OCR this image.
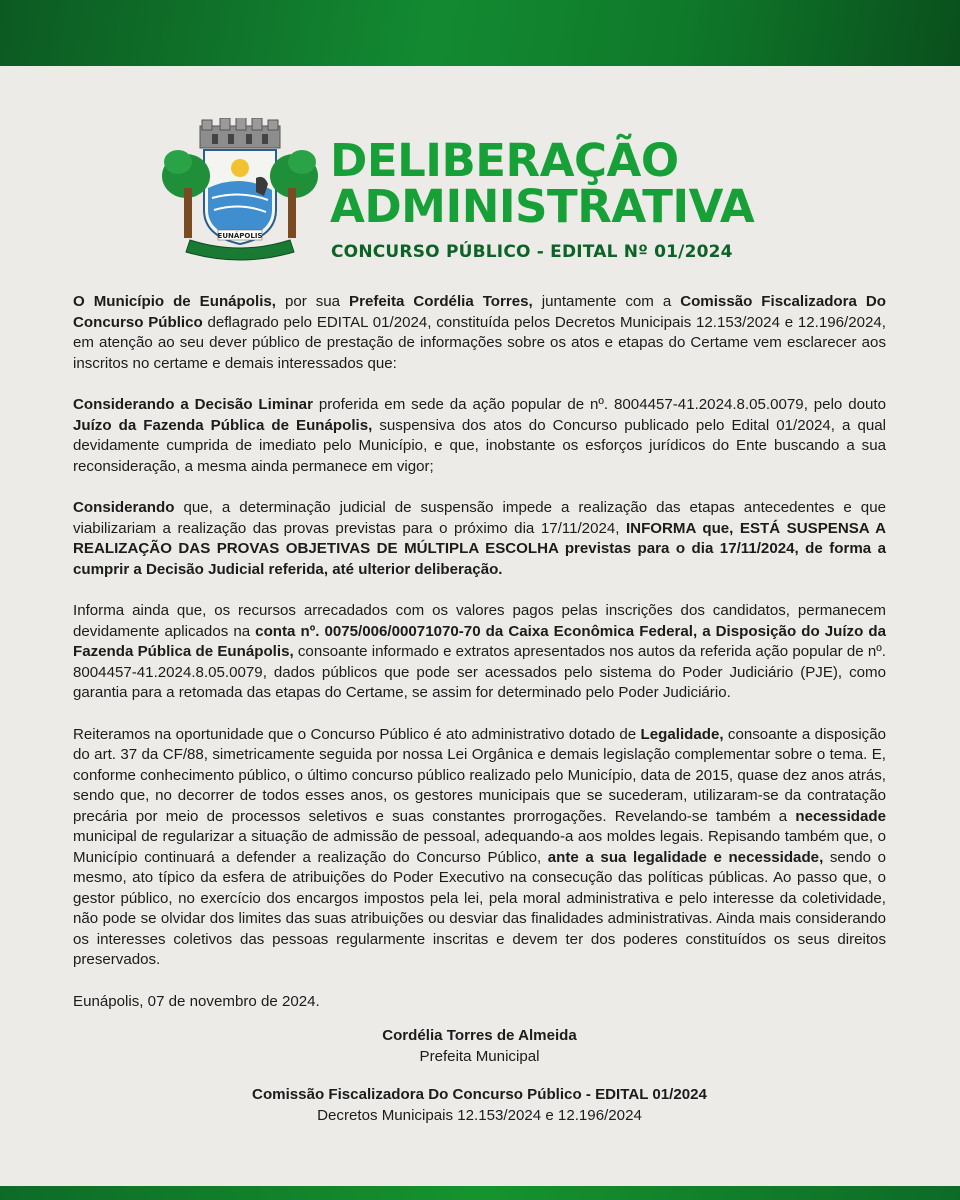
EUNÁPOLIS
DELIBERAÇÃO
ADMINISTRATIVA
CONCURSO PÚBLICO - EDITAL Nº 01/2024

O Município de Eunápolis, por sua Prefeita Cordélia Torres, juntamente com a Comissão Fiscalizadora Do Concurso Público deflagrado pelo EDITAL 01/2024, constituída pelos Decretos Municipais 12.153/2024 e 12.196/2024, em atenção ao seu dever público de prestação de informações sobre os atos e etapas do Certame vem esclarecer aos inscritos no certame e demais interessados que:

Considerando a Decisão Liminar proferida em sede da ação popular de nº. 8004457-41.2024.8.05.0079, pelo douto Juízo da Fazenda Pública de Eunápolis, suspensiva dos atos do Concurso publicado pelo Edital 01/2024, a qual devidamente cumprida de imediato pelo Município, e que, inobstante os esforços jurídicos do Ente buscando a sua reconsideração, a mesma ainda permanece em vigor;

Considerando que, a determinação judicial de suspensão impede a realização das etapas antecedentes e que viabilizariam a realização das provas previstas para o próximo dia 17/11/2024, INFORMA que, ESTÁ SUSPENSA A REALIZAÇÃO DAS PROVAS OBJETIVAS DE MÚLTIPLA ESCOLHA previstas para o dia 17/11/2024, de forma a cumprir a Decisão Judicial referida, até ulterior deliberação.

Informa ainda que, os recursos arrecadados com os valores pagos pelas inscrições dos candidatos, permanecem devidamente aplicados na conta nº. 0075/006/00071070-70 da Caixa Econômica Federal, a Disposição do Juízo da Fazenda Pública de Eunápolis, consoante informado e extratos apresentados nos autos da referida ação popular de nº. 8004457-41.2024.8.05.0079, dados públicos que pode ser acessados pelo sistema do Poder Judiciário (PJE), como garantia para a retomada das etapas do Certame, se assim for determinado pelo Poder Judiciário.

Reiteramos na oportunidade que o Concurso Público é ato administrativo dotado de Legalidade, consoante a disposição do art. 37 da CF/88, simetricamente seguida por nossa Lei Orgânica e demais legislação complementar sobre o tema. E, conforme conhecimento público, o último concurso público realizado pelo Município, data de 2015, quase dez anos atrás, sendo que, no decorrer de todos esses anos, os gestores municipais que se sucederam, utilizaram-se da contratação precária por meio de processos seletivos e suas constantes prorrogações. Revelando-se também a necessidade municipal de regularizar a situação de admissão de pessoal, adequando-a aos moldes legais. Repisando também que, o Município continuará a defender a realização do Concurso Público, ante a sua legalidade e necessidade, sendo o mesmo, ato típico da esfera de atribuições do Poder Executivo na consecução das políticas públicas. Ao passo que, o gestor público, no exercício dos encargos impostos pela lei, pela moral administrativa e pelo interesse da coletividade, não pode se olvidar dos limites das suas atribuições ou desviar das finalidades administrativas. Ainda mais considerando os interesses coletivos das pessoas regularmente inscritas e devem ter dos poderes constituídos os seus direitos preservados.

Eunápolis, 07 de novembro de 2024.
Cordélia Torres de Almeida
Prefeita Municipal
Comissão Fiscalizadora Do Concurso Público - EDITAL 01/2024
Decretos Municipais 12.153/2024 e 12.196/2024
